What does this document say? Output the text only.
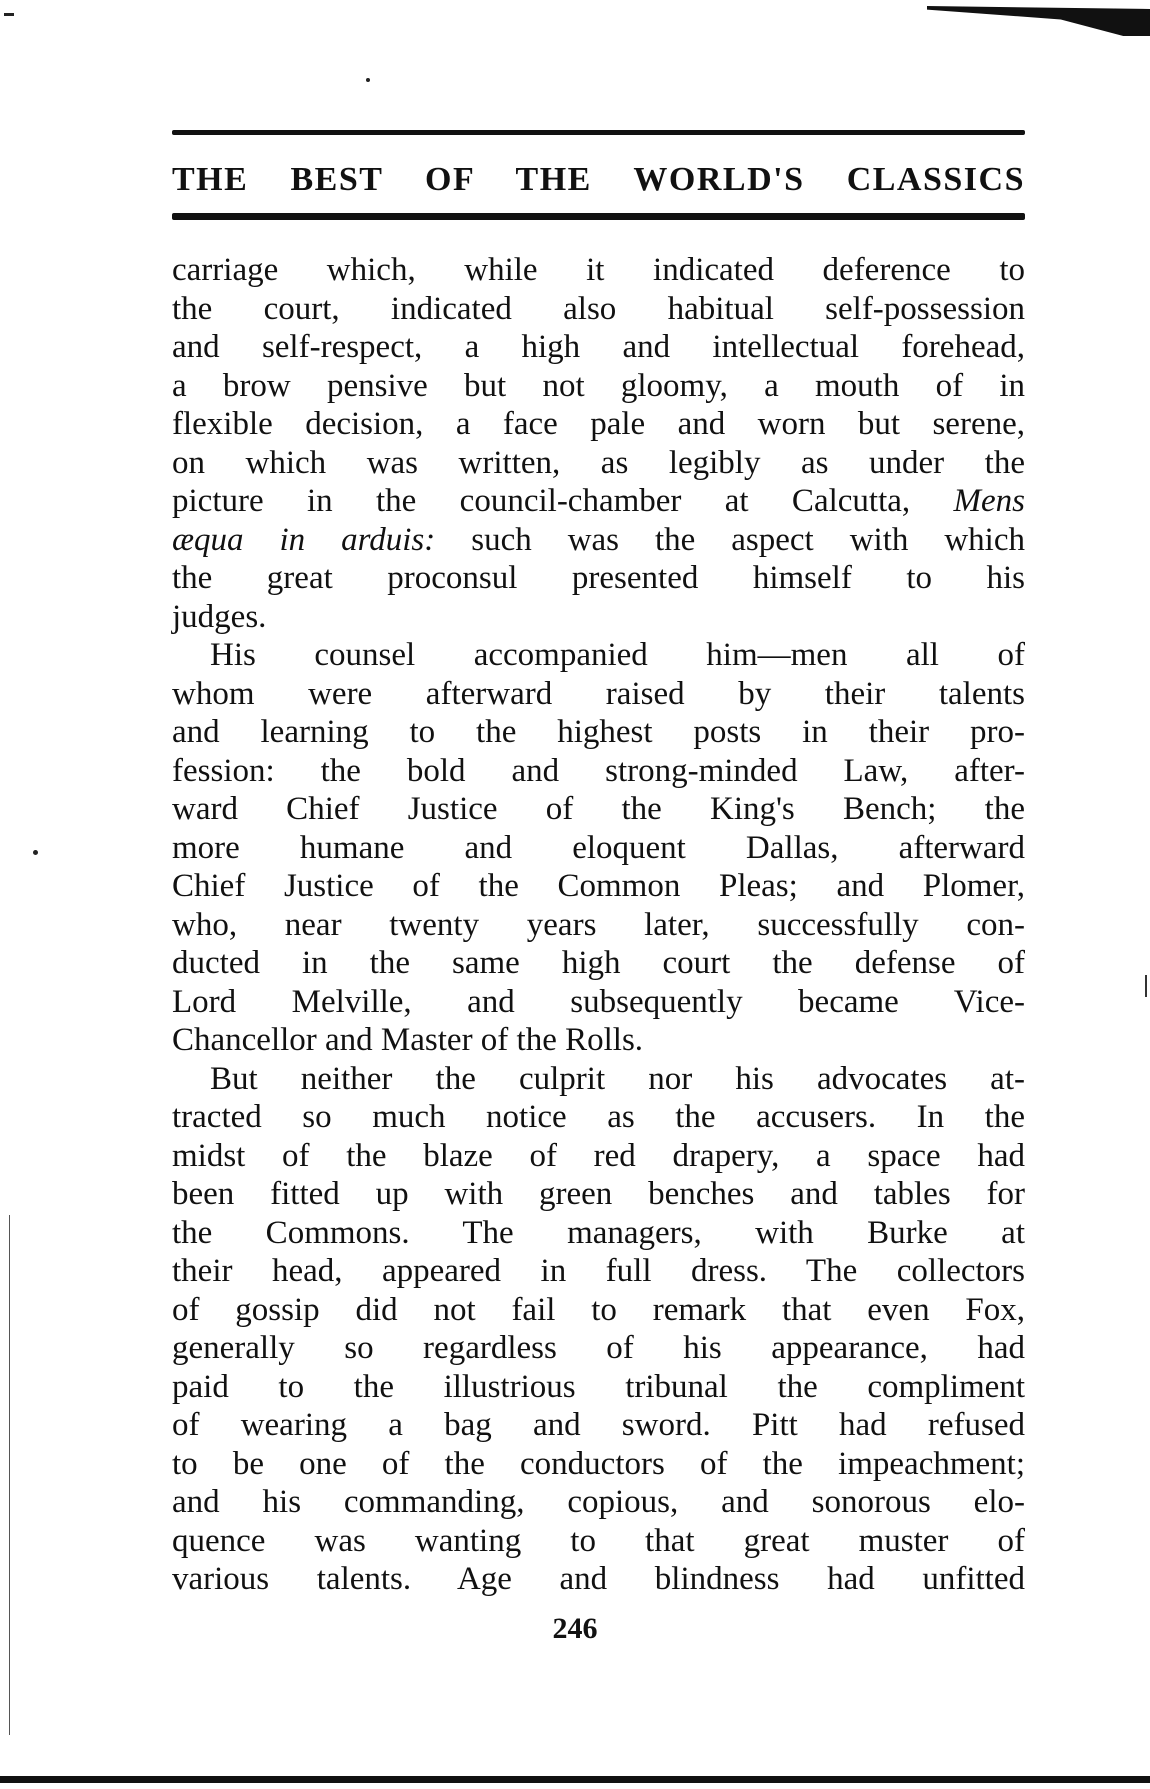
THE BEST OF THE WORLD'S CLASSICS
carriage which, while it indicated deference to
the court, indicated also habitual self-possession
and self-respect, a high and intellectual forehead,
a brow pensive but not gloomy, a mouth of in
flexible decision, a face pale and worn but serene,
on which was written, as legibly as under the
picture in the council-chamber at Calcutta, Mens
æqua in arduis: such was the aspect with which
the great proconsul presented himself to his
judges.
His counsel accompanied him—men all of
whom were afterward raised by their talents
and learning to the highest posts in their pro-
fession: the bold and strong-minded Law, after-
ward Chief Justice of the King's Bench; the
more humane and eloquent Dallas, afterward
Chief Justice of the Common Pleas; and Plomer,
who, near twenty years later, successfully con-
ducted in the same high court the defense of
Lord Melville, and subsequently became Vice-
Chancellor and Master of the Rolls.
But neither the culprit nor his advocates at-
tracted so much notice as the accusers. In the
midst of the blaze of red drapery, a space had
been fitted up with green benches and tables for
the Commons. The managers, with Burke at
their head, appeared in full dress. The collectors
of gossip did not fail to remark that even Fox,
generally so regardless of his appearance, had
paid to the illustrious tribunal the compliment
of wearing a bag and sword. Pitt had refused
to be one of the conductors of the impeachment;
and his commanding, copious, and sonorous elo-
quence was wanting to that great muster of
various talents. Age and blindness had unfitted
246
